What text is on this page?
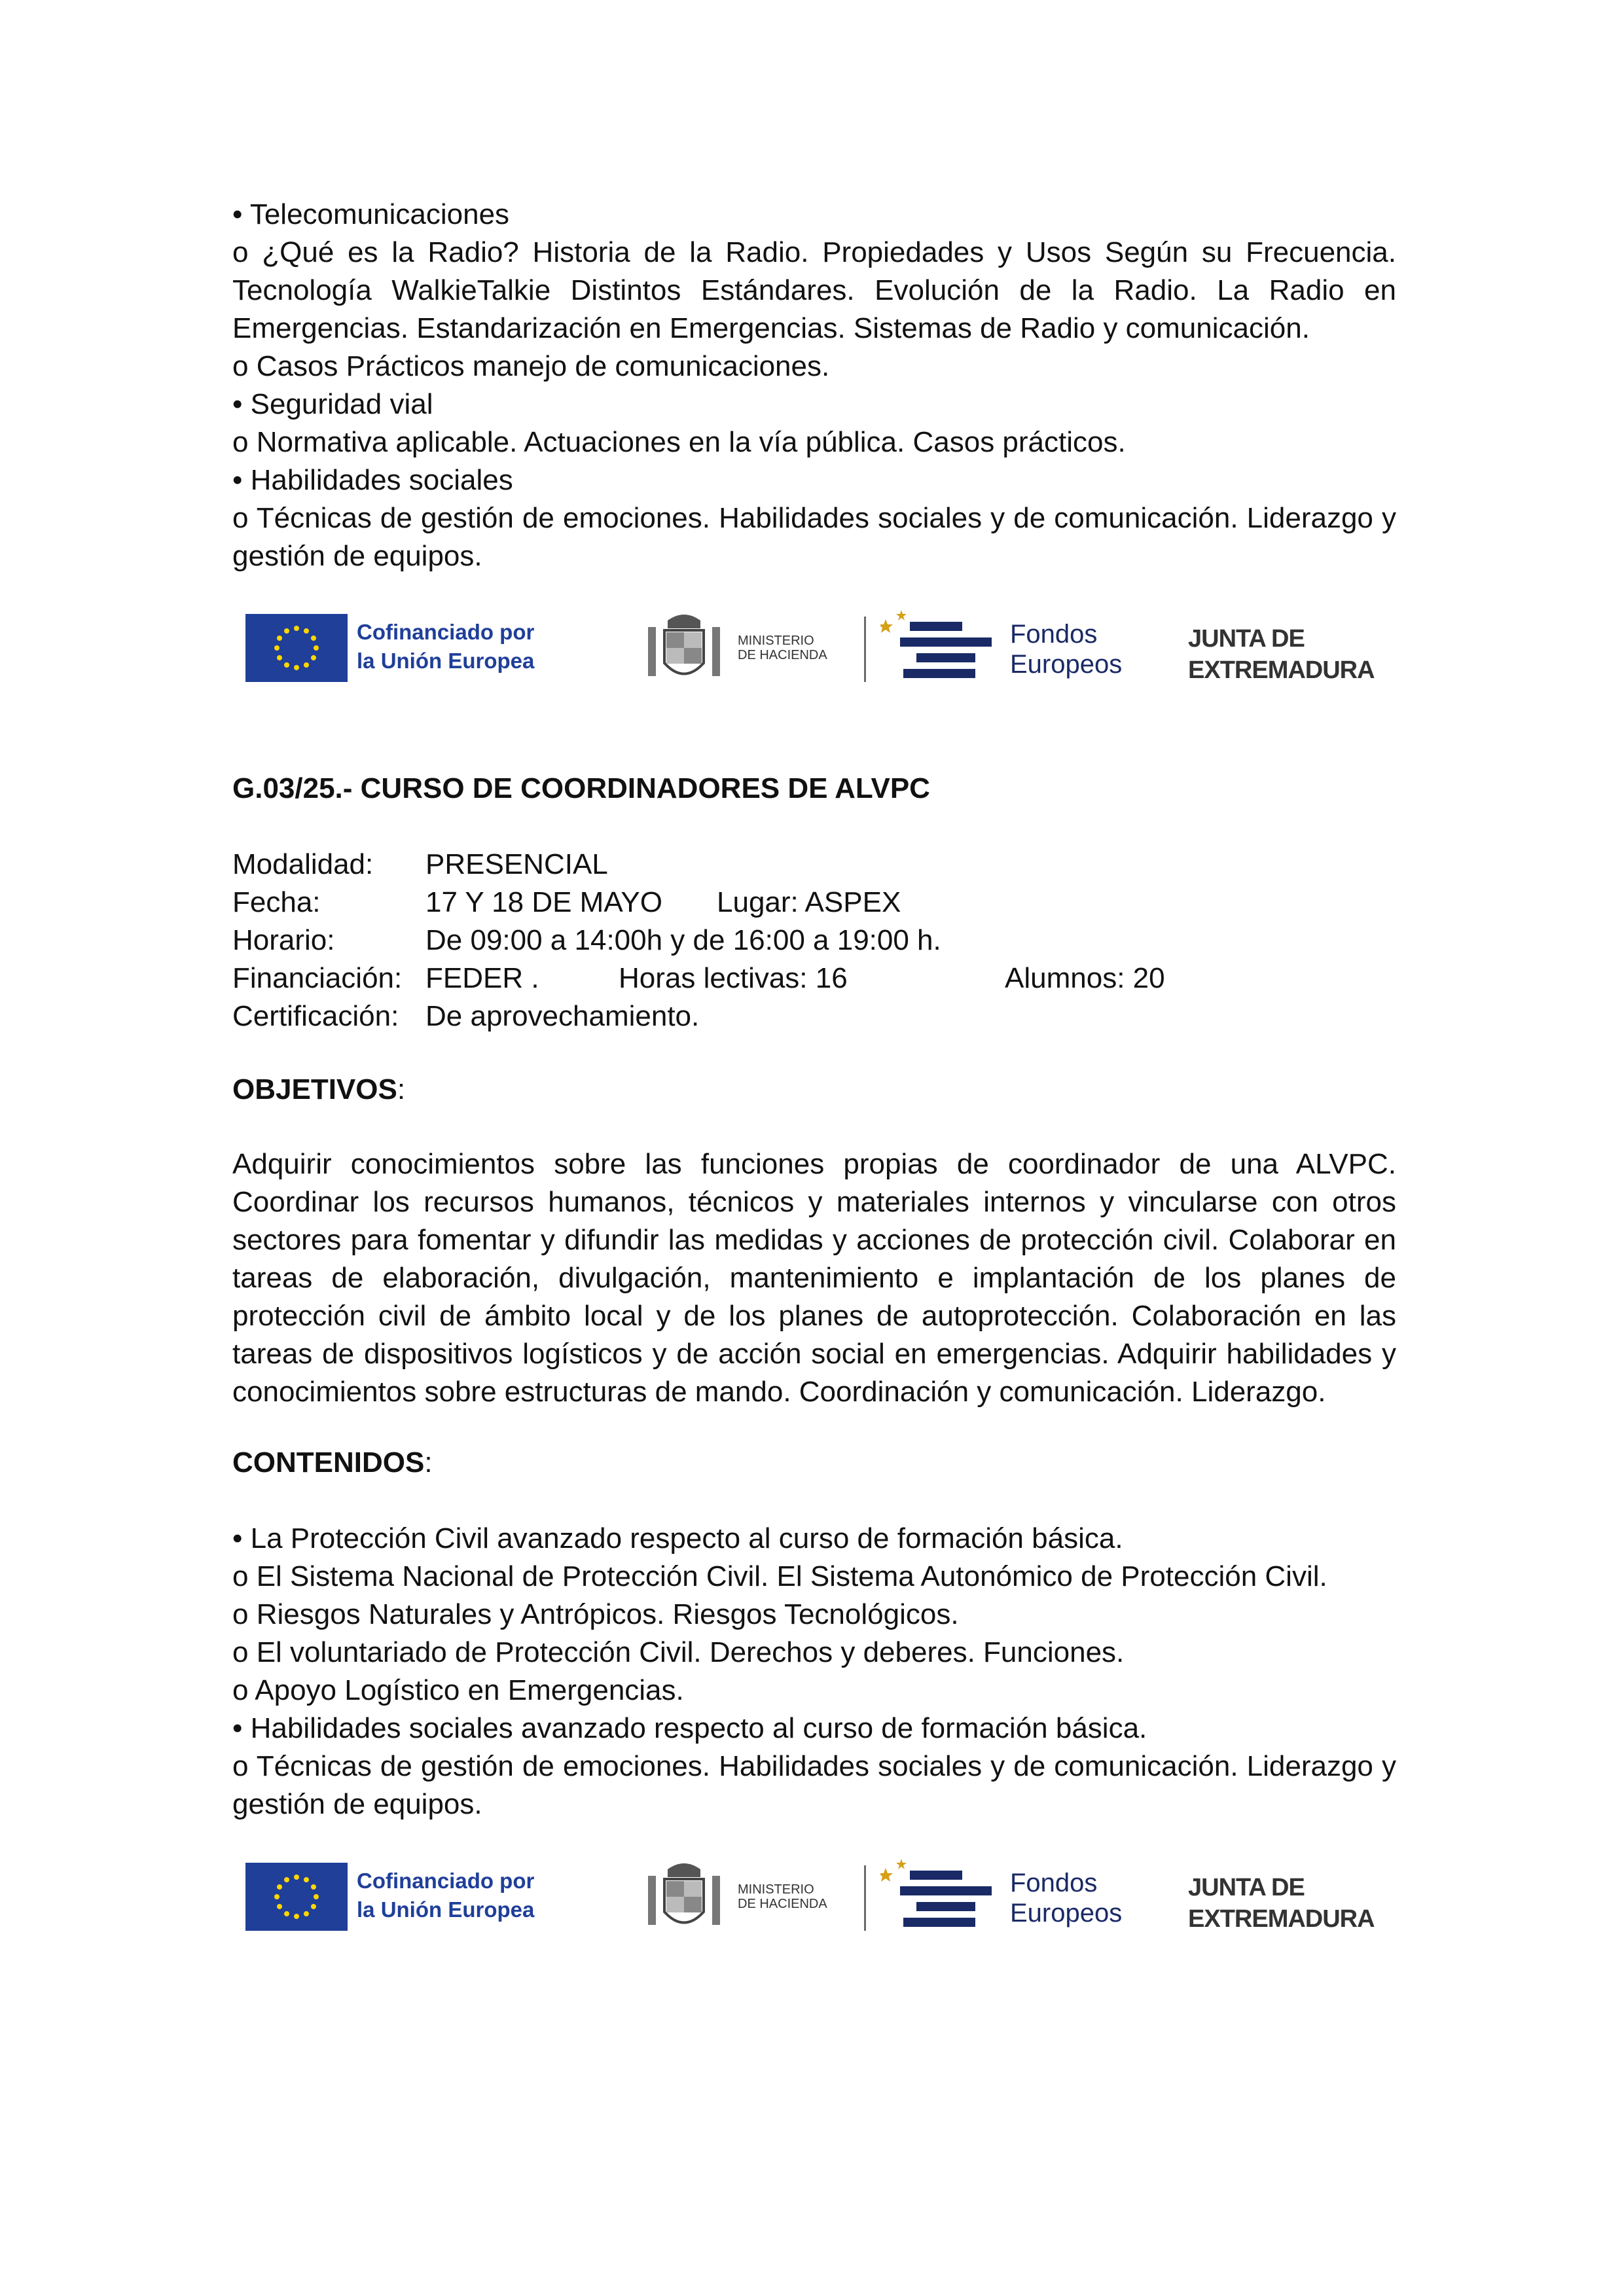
• Telecomunicaciones
o ¿Qué es la Radio? Historia de la Radio. Propiedades y Usos Según su Frecuencia. Tecnología WalkieTalkie Distintos Estándares. Evolución de la Radio. La Radio en Emergencias. Estandarización en Emergencias. Sistemas de Radio y comunicación.
o Casos Prácticos manejo de comunicaciones.
• Seguridad vial
o Normativa aplicable. Actuaciones en la vía pública. Casos prácticos.
• Habilidades sociales
o Técnicas de gestión de emociones. Habilidades sociales y de comunicación. Liderazgo y gestión de equipos.
Cofinanciado por
la Unión Europea
MINISTERIO
DE HACIENDA
Fondos
Europeos
JUNTA DE
EXTREMADURA
G.03/25.- CURSO DE COORDINADORES DE ALVPC
Modalidad: PRESENCIAL
Fecha:	17 Y 18 DE MAYO Lugar: ASPEX
Horario:	De 09:00 a 14:00h y de 16:00 a 19:00 h.
Financiación: FEDER .	Horas lectivas: 16	Alumnos: 20
Certificación: De aprovechamiento.
OBJETIVOS:
Adquirir conocimientos sobre las funciones propias de coordinador de una ALVPC. Coordinar los recursos humanos, técnicos y materiales internos y vincularse con otros sectores para fomentar y difundir las medidas y acciones de protección civil. Colaborar en tareas de elaboración, divulgación, mantenimiento e implantación de los planes de protección civil de ámbito local y de los planes de autoprotección. Colaboración en las tareas de dispositivos logísticos y de acción social en emergencias. Adquirir habilidades y conocimientos sobre estructuras de mando. Coordinación y comunicación. Liderazgo.
CONTENIDOS:
• La Protección Civil avanzado respecto al curso de formación básica.
o El Sistema Nacional de Protección Civil. El Sistema Autonómico de Protección Civil.
o Riesgos Naturales y Antrópicos. Riesgos Tecnológicos.
o El voluntariado de Protección Civil. Derechos y deberes. Funciones.
o Apoyo Logístico en Emergencias.
• Habilidades sociales avanzado respecto al curso de formación básica.
o Técnicas de gestión de emociones. Habilidades sociales y de comunicación. Liderazgo y gestión de equipos.
Cofinanciado por
la Unión Europea
MINISTERIO
DE HACIENDA
Fondos
Europeos
JUNTA DE
EXTREMADURA
